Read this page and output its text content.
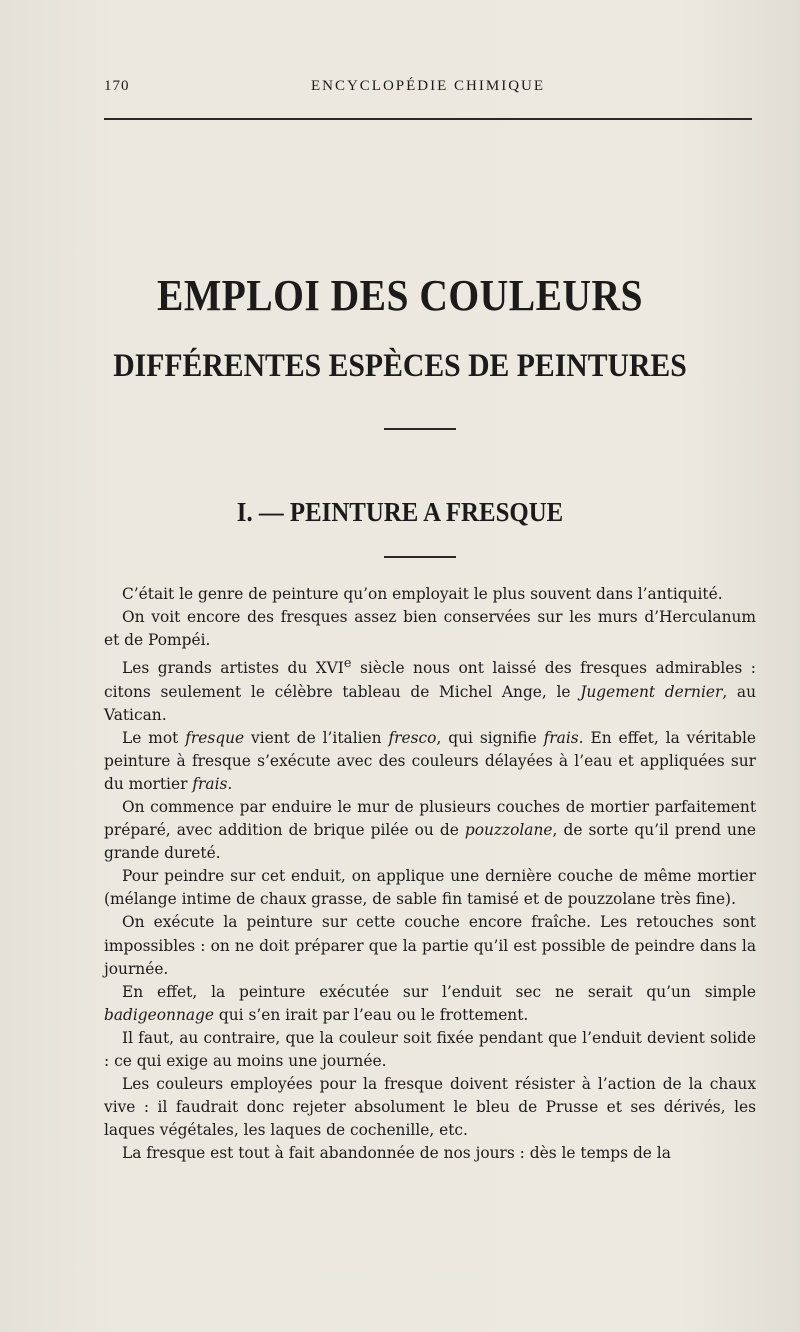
170	ENCYCLOPÉDIE CHIMIQUE
EMPLOI DES COULEURS
DIFFÉRENTES ESPÈCES DE PEINTURES
I. — PEINTURE A FRESQUE

C’était le genre de peinture qu’on employait le plus souvent dans l’antiquité.

On voit encore des fresques assez bien conservées sur les murs d’Herculanum et de Pompéi.

Les grands artistes du XVIe siècle nous ont laissé des fresques admirables : citons seulement le célèbre tableau de Michel Ange, le Jugement dernier, au Vatican.

Le mot fresque vient de l’italien fresco, qui signifie frais. En effet, la véritable peinture à fresque s’exécute avec des couleurs délayées à l’eau et appliquées sur du mortier frais.

On commence par enduire le mur de plusieurs couches de mortier parfaitement préparé, avec addition de brique pilée ou de pouzzolane, de sorte qu’il prend une grande dureté.

Pour peindre sur cet enduit, on applique une dernière couche de même mortier (mélange intime de chaux grasse, de sable fin tamisé et de pouzzolane très fine).

On exécute la peinture sur cette couche encore fraîche. Les retouches sont impossibles : on ne doit préparer que la partie qu’il est possible de peindre dans la journée.

En effet, la peinture exécutée sur l’enduit sec ne serait qu’un simple badigeonnage qui s’en irait par l’eau ou le frottement.

Il faut, au contraire, que la couleur soit fixée pendant que l’enduit devient solide : ce qui exige au moins une journée.

Les couleurs employées pour la fresque doivent résister à l’action de la chaux vive : il faudrait donc rejeter absolument le bleu de Prusse et ses dérivés, les laques végétales, les laques de cochenille, etc.

La fresque est tout à fait abandonnée de nos jours : dès le temps de la
